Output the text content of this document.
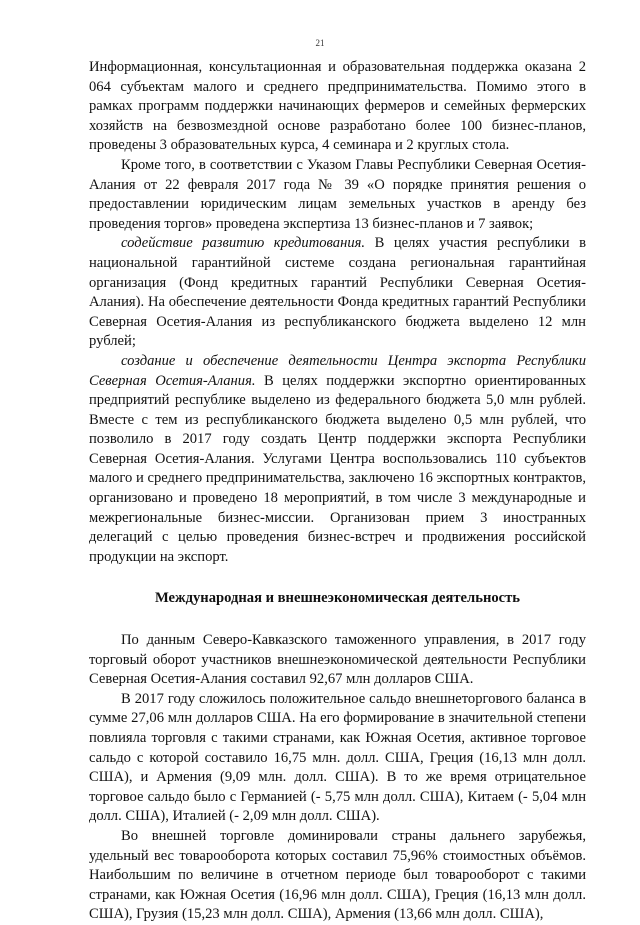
21

Информационная, консультационная и образовательная поддержка оказана 2 064 субъектам малого и среднего предпринимательства. Помимо этого в рамках программ поддержки начинающих фермеров и семейных фермерских хозяйств на безвозмездной основе разработано более 100 бизнес-планов, проведены 3 образовательных курса, 4 семинара и 2 круглых стола.

Кроме того, в соответствии с Указом Главы Республики Северная Осетия-Алания от 22 февраля 2017 года № 39 «О порядке принятия решения о предоставлении юридическим лицам земельных участков в аренду без проведения торгов» проведена экспертиза 13 бизнес-планов и 7 заявок;

содействие развитию кредитования. В целях участия республики в национальной гарантийной системе создана региональная гарантийная организация (Фонд кредитных гарантий Республики Северная Осетия-Алания). На обеспечение деятельности Фонда кредитных гарантий Республики Северная Осетия-Алания из республиканского бюджета выделено 12 млн рублей;

создание и обеспечение деятельности Центра экспорта Республики Северная Осетия-Алания. В целях поддержки экспортно ориентированных предприятий республике выделено из федерального бюджета 5,0 млн рублей. Вместе с тем из республиканского бюджета выделено 0,5 млн рублей, что позволило в 2017 году создать Центр поддержки экспорта Республики Северная Осетия-Алания. Услугами Центра воспользовались 110 субъектов малого и среднего предпринимательства, заключено 16 экспортных контрактов, организовано и проведено 18 мероприятий, в том числе 3 международные и межрегиональные бизнес-миссии. Организован прием 3 иностранных делегаций с целью проведения бизнес-встреч и продвижения российской продукции на экспорт.

Международная и внешнеэкономическая деятельность

По данным Северо-Кавказского таможенного управления, в 2017 году торговый оборот участников внешнеэкономической деятельности Республики Северная Осетия-Алания составил 92,67 млн долларов США.

В 2017 году сложилось положительное сальдо внешнеторгового баланса в сумме 27,06 млн долларов США. На его формирование в значительной степени повлияла торговля с такими странами, как Южная Осетия, активное торговое сальдо с которой составило 16,75 млн. долл. США, Греция (16,13 млн долл. США), и Армения (9,09 млн. долл. США). В то же время отрицательное торговое сальдо было с Германией (- 5,75 млн долл. США), Китаем (- 5,04 млн долл. США), Италией (- 2,09 млн долл. США).

Во внешней торговле доминировали страны дальнего зарубежья, удельный вес товарооборота которых составил 75,96% стоимостных объёмов. Наибольшим по величине в отчетном периоде был товарооборот с такими странами, как Южная Осетия (16,96 млн долл. США), Греция (16,13 млн долл. США), Грузия (15,23 млн долл. США), Армения (13,66 млн долл. США),
